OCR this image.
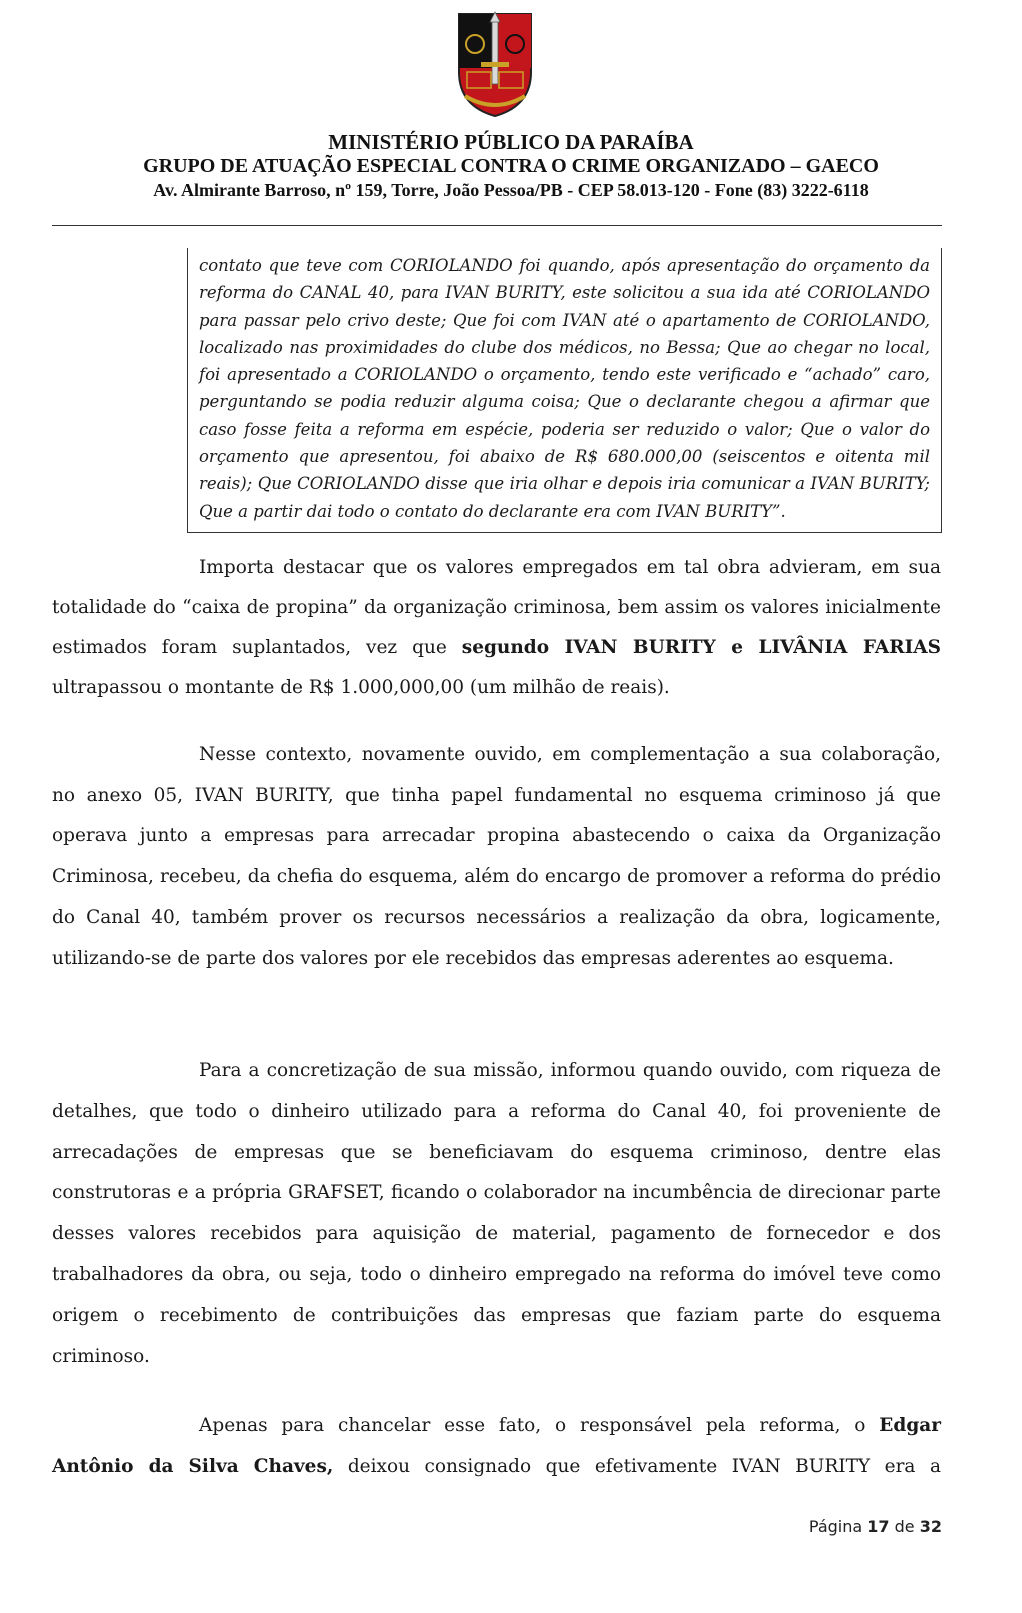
MINISTÉRIO PÚBLICO DA PARAÍBA
GRUPO DE ATUAÇÃO ESPECIAL CONTRA O CRIME ORGANIZADO – GAECO
Av. Almirante Barroso, nº 159, Torre, João Pessoa/PB - CEP 58.013-120 - Fone (83) 3222-6118
contato que teve com CORIOLANDO foi quando, após apresentação do orçamento da reforma do CANAL 40, para IVAN BURITY, este solicitou a sua ida até CORIOLANDO para passar pelo crivo deste; Que foi com IVAN até o apartamento de CORIOLANDO, localizado nas proximidades do clube dos médicos, no Bessa; Que ao chegar no local, foi apresentado a CORIOLANDO o orçamento, tendo este verificado e “achado” caro, perguntando se podia reduzir alguma coisa; Que o declarante chegou a afirmar que caso fosse feita a reforma em espécie, poderia ser reduzido o valor; Que o valor do orçamento que apresentou, foi abaixo de R$ 680.000,00 (seiscentos e oitenta mil reais); Que CORIOLANDO disse que iria olhar e depois iria comunicar a IVAN BURITY; Que a partir dai todo o contato do declarante era com IVAN BURITY”.
Importa destacar que os valores empregados em tal obra advieram, em sua totalidade do “caixa de propina” da organização criminosa, bem assim os valores inicialmente estimados foram suplantados, vez que segundo IVAN BURITY e LIVÂNIA FARIAS ultrapassou o montante de R$ 1.000,000,00 (um milhão de reais).
Nesse contexto, novamente ouvido, em complementação a sua colaboração, no anexo 05, IVAN BURITY, que tinha papel fundamental no esquema criminoso já que operava junto a empresas para arrecadar propina abastecendo o caixa da Organização Criminosa, recebeu, da chefia do esquema, além do encargo de promover a reforma do prédio do Canal 40, também prover os recursos necessários a realização da obra, logicamente, utilizando-se de parte dos valores por ele recebidos das empresas aderentes ao esquema.
Para a concretização de sua missão, informou quando ouvido, com riqueza de detalhes, que todo o dinheiro utilizado para a reforma do Canal 40, foi proveniente de arrecadações de empresas que se beneficiavam do esquema criminoso, dentre elas construtoras e a própria GRAFSET, ficando o colaborador na incumbência de direcionar parte desses valores recebidos para aquisição de material, pagamento de fornecedor e dos trabalhadores da obra, ou seja, todo o dinheiro empregado na reforma do imóvel teve como origem o recebimento de contribuições das empresas que faziam parte do esquema criminoso.
Apenas para chancelar esse fato, o responsável pela reforma, o Edgar Antônio da Silva Chaves, deixou consignado que efetivamente IVAN BURITY era a
Página 17 de 32
